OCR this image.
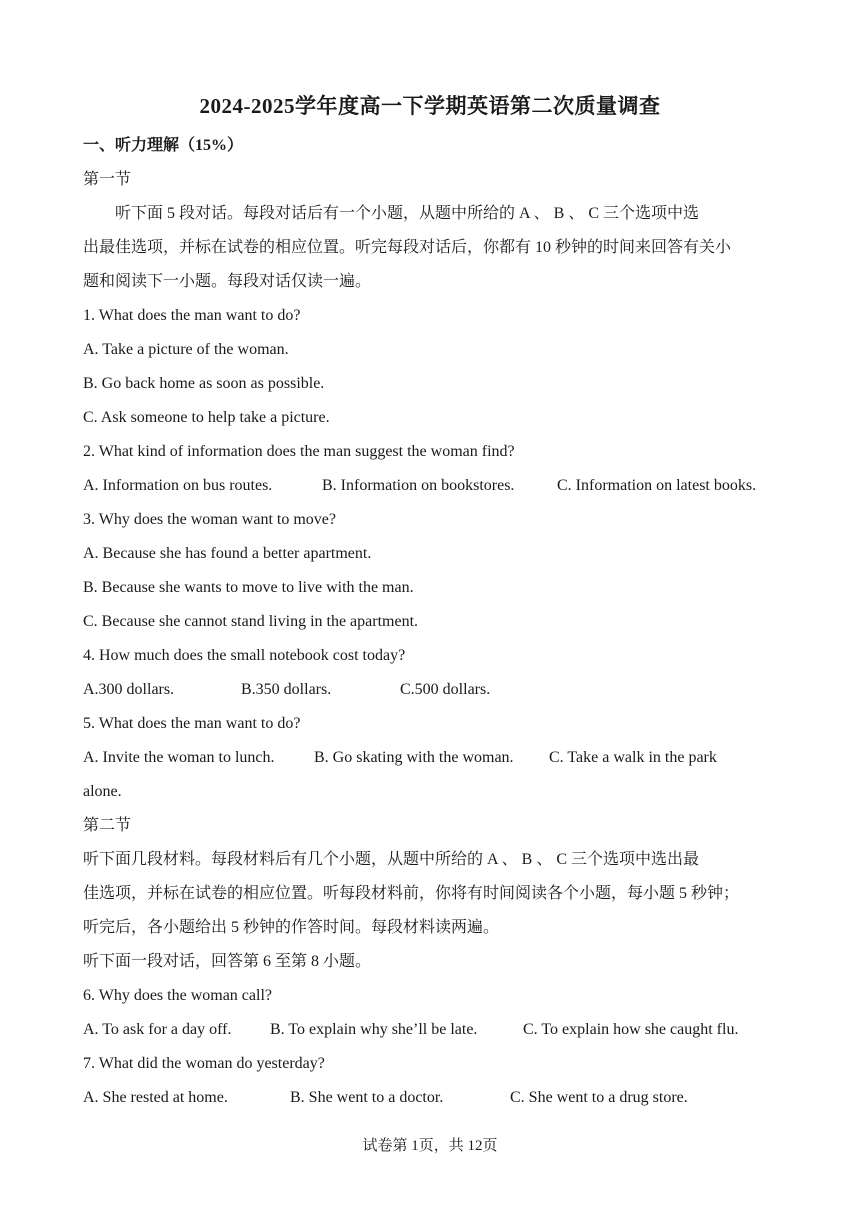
2024-2025学年度高一下学期英语第二次质量调查
一、听力理解（15%）
第一节
听下面 5 段对话。每段对话后有一个小题，从题中所给的 A 、 B 、 C 三个选项中选
出最佳选项，并标在试卷的相应位置。听完每段对话后，你都有 10 秒钟的时间来回答有关小
题和阅读下一小题。每段对话仅读一遍。
1. What does the man want to do?
A. Take a picture of the woman.
B. Go back home as soon as possible.
C. Ask someone to help take a picture.
2. What kind of information does the man suggest the woman find?
A. Information on bus routes.	B. Information on bookstores.	C. Information on latest books.
3. Why does the woman want to move?
A. Because she has found a better apartment.
B. Because she wants to move to live with the man.
C. Because she cannot stand living in the apartment.
4. How much does the small notebook cost today?
A.300 dollars.	B.350 dollars.	C.500 dollars.
5. What does the man want to do?
A. Invite the woman to lunch. B. Go skating with the woman. C. Take a walk in the park
alone.
第二节
听下面几段材料。每段材料后有几个小题，从题中所给的 A 、 B 、 C 三个选项中选出最
佳选项，并标在试卷的相应位置。听每段材料前，你将有时间阅读各个小题，每小题 5 秒钟；
听完后，各小题给出 5 秒钟的作答时间。每段材料读两遍。
听下面一段对话，回答第 6 至第 8 小题。
6. Why does the woman call?
A. To ask for a day off. B. To explain why she’ll be late.	C. To explain how she caught flu.
7. What did the woman do yesterday?
A. She rested at home.	B. She went to a doctor.	C. She went to a drug store.
试卷第 1页，共 12页
